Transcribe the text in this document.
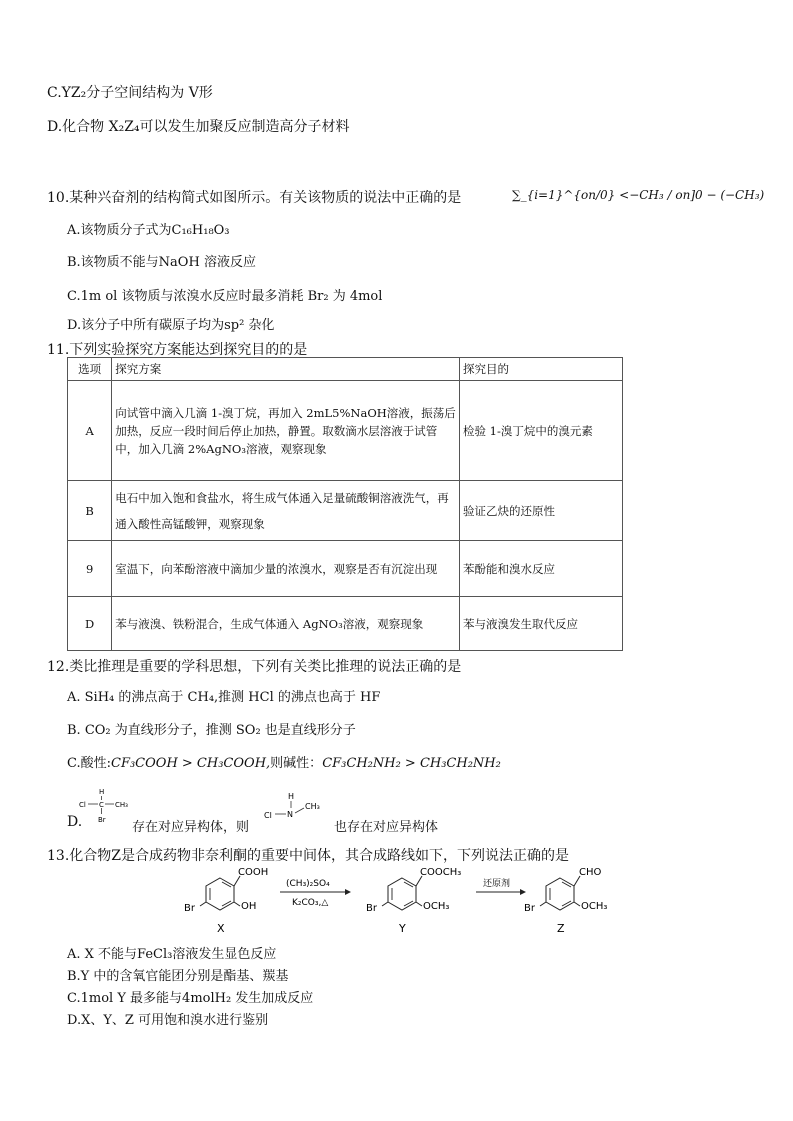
C.YZ₂分子空间结构为 V形
D.化合物 X₂Z₄可以发生加聚反应制造高分子材料
10.某种兴奋剂的结构简式如图所示。有关该物质的说法中正确的是	∑_{i=1}^{on/0} <−CH₃ / on]0 − (−CH₃)
A.该物质分子式为C₁₆H₁₈O₃
B.该物质不能与NaOH 溶液反应
C.1m ol 该物质与浓溴水反应时最多消耗 Br₂ 为 4mol
D.该分子中所有碳原子均为sp² 杂化
11.下列实验探究方案能达到探究目的的是
选项	探究方案	探究目的
A	向试管中滴入几滴 1-溴丁烷，再加入 2mL5%NaOH溶液，振荡后加热，反应一段时间后停止加热，静置。取数滴水层溶液于试管中，加入几滴 2%AgNO₃溶液，观察现象	检验 1-溴丁烷中的溴元素
B	电石中加入饱和食盐水，将生成气体通入足量硫酸铜溶液洗气，再通入酸性高锰酸钾，观察现象	验证乙炔的还原性
9	室温下，向苯酚溶液中滴加少量的浓溴水，观察是否有沉淀出现	苯酚能和溴水反应
D	苯与液溴、铁粉混合，生成气体通入 AgNO₃溶液，观察现象	苯与液溴发生取代反应
12.类比推理是重要的学科思想，下列有关类比推理的说法正确的是
A. SiH₄ 的沸点高于 CH₄,推测 HCl 的沸点也高于 HF
B. CO₂ 为直线形分子，推测 SO₂ 也是直线形分子
C.酸性:CF₃COOH > CH₃COOH,则碱性：CF₃CH₂NH₂ > CH₃CH₂NH₂
D.
Cl C CH₃
H
Br 存在对应异构体，则
H
Cl N
CH₃
也存在对应异构体
13.化合物Z是合成药物非奈利酮的重要中间体，其合成路线如下，下列说法正确的是
COOH
OH
Br
X
(CH₃)₂SO₄
K₂CO₃,△
COOCH₃
OCH₃
Br
Y
还原剂
CHO
OCH₃
Br
Z
A. X 不能与FeCl₃溶液发生显色反应
B.Y 中的含氧官能团分别是酯基、羰基
C.1mol Y 最多能与4molH₂ 发生加成反应
D.X、Y、Z 可用饱和溴水进行鉴别
